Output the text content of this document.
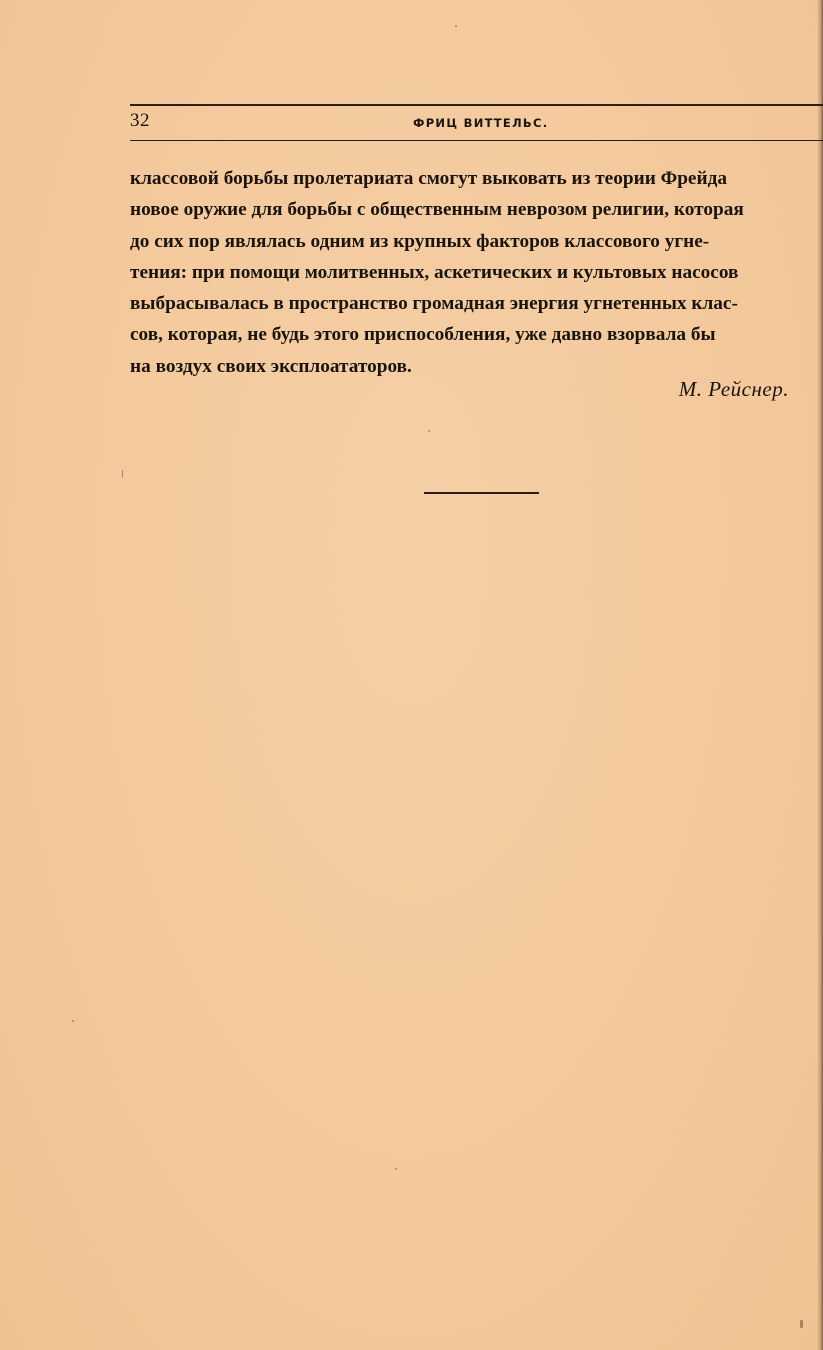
32	ФРИЦ ВИТТЕЛЬС.
классовой борьбы пролетариата смогут выковать из теории Фрейда
новое оружие для борьбы с общественным неврозом религии, которая
до сих пор являлась одним из крупных факторов классового угне-
тения: при помощи молитвенных, аскетических и культовых насосов
выбрасывалась в пространство громадная энергия угнетенных клас-
сов, которая, не будь этого приспособления, уже давно взорвала бы
на воздух своих эксплоататоров.
М. Рейснер.
